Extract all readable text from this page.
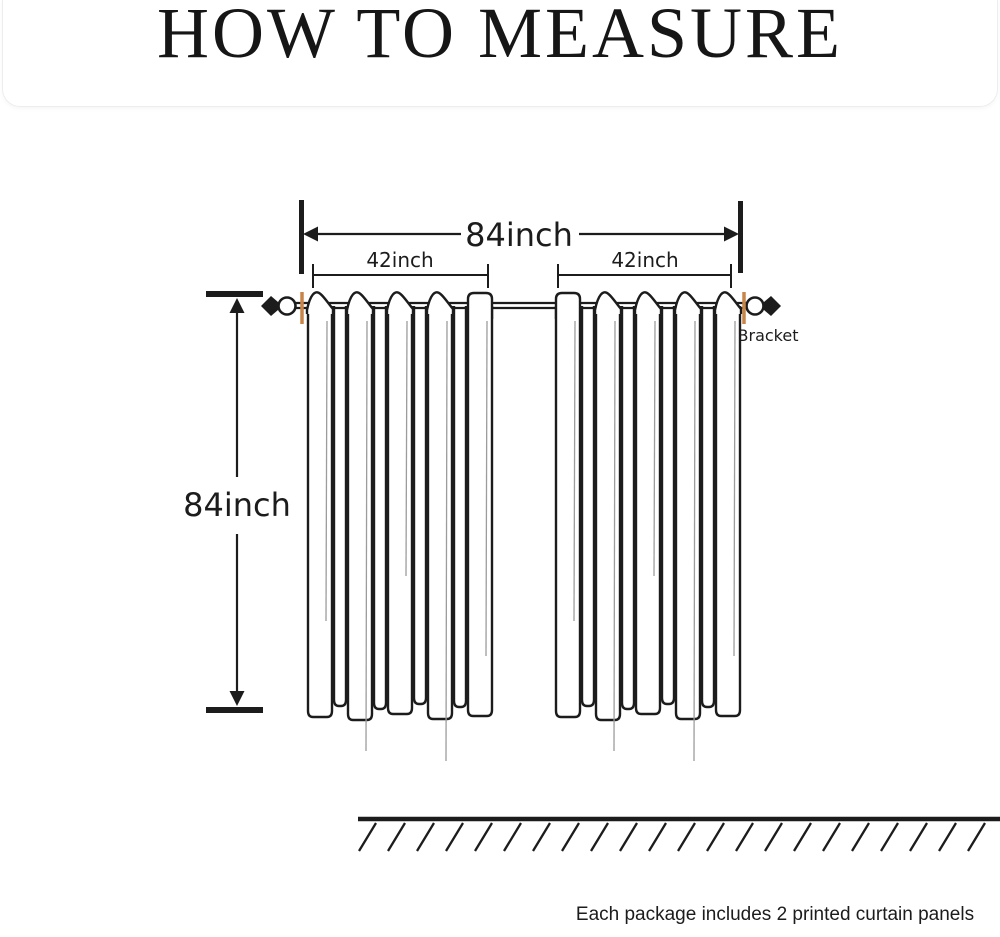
HOW TO MEASURE
Bracket
84inch
42inch	42inch
84inch
Each package includes 2 printed curtain panels
